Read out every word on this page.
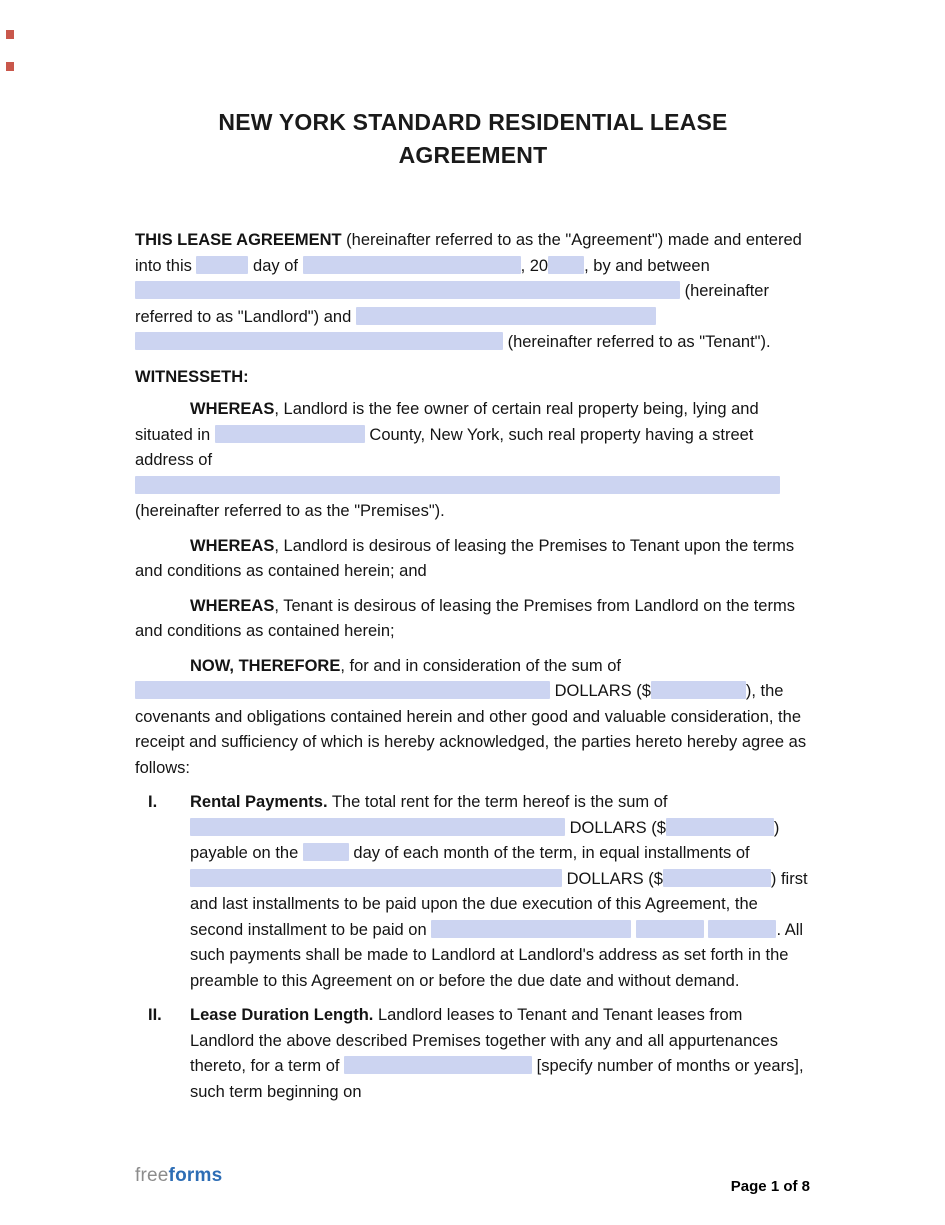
NEW YORK STANDARD RESIDENTIAL LEASE
AGREEMENT

THIS LEASE AGREEMENT (hereinafter referred to as the "Agreement") made and entered into this	day of	, 20 , by and between  (hereinafter referred to as "Landlord") and   (hereinafter referred to as "Tenant").

WITNESSETH:

WHEREAS, Landlord is the fee owner of certain real property being, lying and situated in	County, New York, such real property having a street address of  (hereinafter referred to as the "Premises").

WHEREAS, Landlord is desirous of leasing the Premises to Tenant upon the terms and conditions as contained herein; and

WHEREAS, Tenant is desirous of leasing the Premises from Landlord on the terms and conditions as contained herein;

NOW, THEREFORE, for and in consideration of the sum of  DOLLARS ($	), the covenants and obligations contained herein and other good and valuable consideration, the receipt and sufficiency of which is hereby acknowledged, the parties hereto hereby agree as follows:

I. Rental Payments. The total rent for the term hereof is the sum of  DOLLARS ($	) payable on the	day of each month of the term, in equal installments of  DOLLARS ($	) first and last installments to be paid upon the due execution of this Agreement, the second installment to be paid on	. All such payments shall be made to Landlord at Landlord's address as set forth in the preamble to this Agreement on or before the due date and without demand.
II. Lease Duration Length. Landlord leases to Tenant and Tenant leases from Landlord the above described Premises together with any and all appurtenances thereto, for a term of	[specify number of months or years], such term beginning on
freeforms
Page 1 of 8
